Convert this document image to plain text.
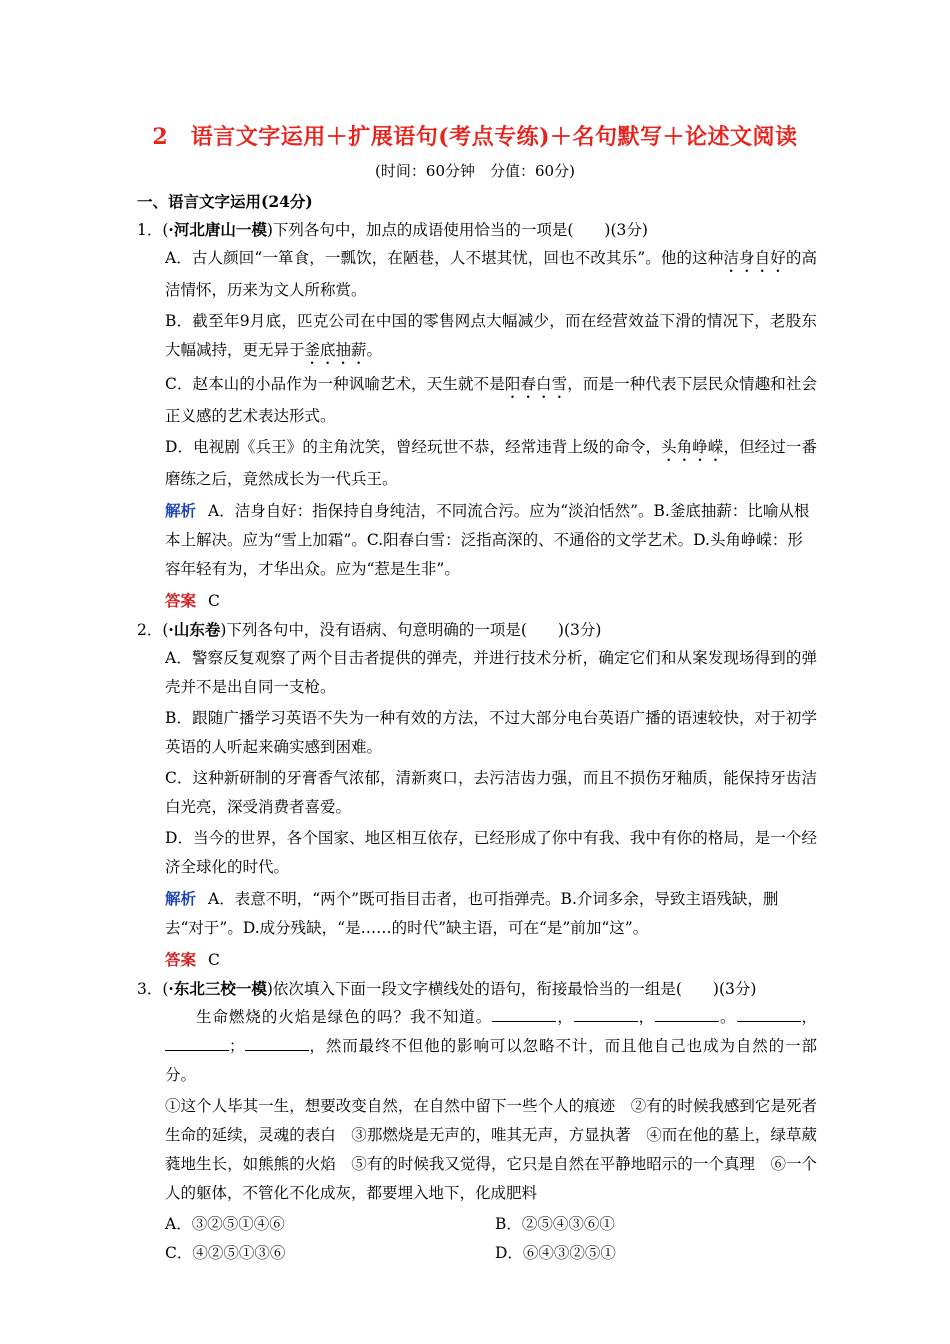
2　语言文字运用＋扩展语句(考点专练)＋名句默写＋论述文阅读
(时间：60分钟　分值：60分)
一、语言文字运用(24分)
1．(·河北唐山一模)下列各句中，加点的成语使用恰当的一项是(　　)(3分)
A．古人颜回“一箪食，一瓢饮，在陋巷，人不堪其忧，回也不改其乐”。他的这种洁身自好的高洁情怀，历来为文人所称赏。
B．截至年9月底，匹克公司在中国的零售网点大幅减少，而在经营效益下滑的情况下，老股东大幅减持，更无异于釜底抽薪。
C．赵本山的小品作为一种讽喻艺术，天生就不是阳春白雪，而是一种代表下层民众情趣和社会正义感的艺术表达形式。
D．电视剧《兵王》的主角沈笑，曾经玩世不恭，经常违背上级的命令，头角峥嵘，但经过一番磨练之后，竟然成长为一代兵王。
解析 A．洁身自好：指保持自身纯洁，不同流合污。应为“淡泊恬然”。B.釜底抽薪：比喻从根本上解决。应为“雪上加霜”。C.阳春白雪：泛指高深的、不通俗的文学艺术。D.头角峥嵘：形容年轻有为，才华出众。应为“惹是生非”。
答案 C
2．(·山东卷)下列各句中，没有语病、句意明确的一项是(　　)(3分)
A．警察反复观察了两个目击者提供的弹壳，并进行技术分析，确定它们和从案发现场得到的弹壳并不是出自同一支枪。
B．跟随广播学习英语不失为一种有效的方法，不过大部分电台英语广播的语速较快，对于初学英语的人听起来确实感到困难。
C．这种新研制的牙膏香气浓郁，清新爽口，去污洁齿力强，而且不损伤牙釉质，能保持牙齿洁白光亮，深受消费者喜爱。
D．当今的世界，各个国家、地区相互依存，已经形成了你中有我、我中有你的格局，是一个经济全球化的时代。
解析 A．表意不明，“两个”既可指目击者，也可指弹壳。B.介词多余，导致主语残缺，删去“对于”。D.成分残缺，“是……的时代”缺主语，可在“是”前加“这”。
答案 C
3．(·东北三校一模)依次填入下面一段文字横线处的语句，衔接最恰当的一组是(　　)(3分)
生命燃烧的火焰是绿色的吗？我不知道。	，	，	。	，；	，然而最终不但他的影响可以忽略不计，而且他自己也成为自然的一部分。
①这个人毕其一生，想要改变自然，在自然中留下一些个人的痕迹　②有的时候我感到它是死者生命的延续，灵魂的表白　③那燃烧是无声的，唯其无声，方显执著　④而在他的墓上，绿草葳蕤地生长，如熊熊的火焰　⑤有的时候我又觉得，它只是自然在平静地昭示的一个真理　⑥一个人的躯体，不管化不化成灰，都要埋入地下，化成肥料
A．③②⑤①④⑥	B．②⑤④③⑥①
C．④②⑤①③⑥	D．⑥④③②⑤①
